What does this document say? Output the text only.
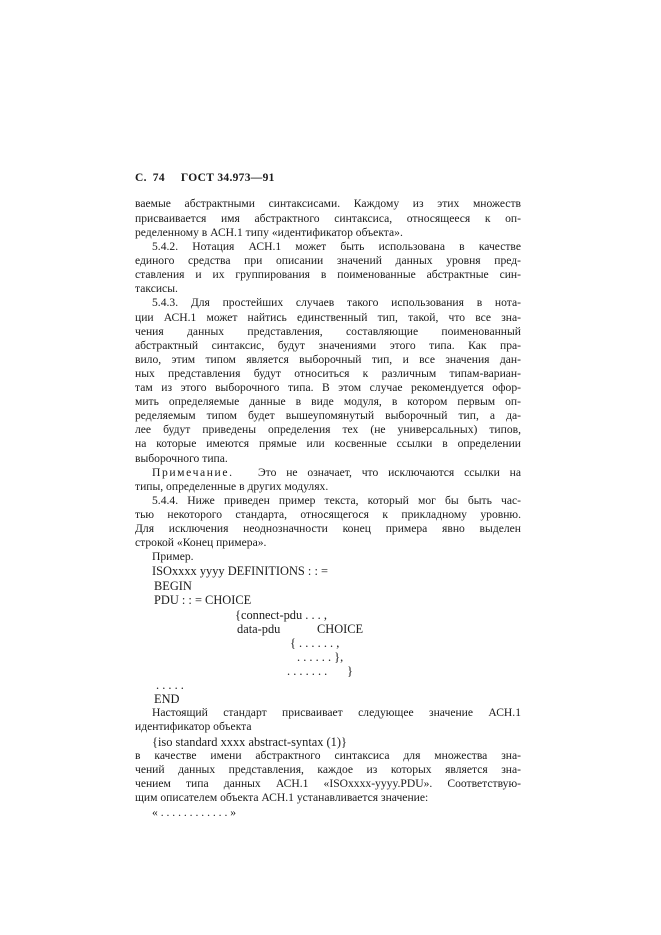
С. 74 ГОСТ 34.973—91
ваемые абстрактными синтаксисами. Каждому из этих множеств
присваивается имя абстрактного синтаксиса, относящееся к оп-
ределенному в АСН.1 типу «идентификатор объекта».
5.4.2. Нотация АСН.1 может быть использована в качестве
единого средства при описании значений данных уровня пред-
ставления и их группирования в поименованные абстрактные син-
таксисы.
5.4.3. Для простейших случаев такого использования в нота-
ции АСН.1 может найтись единственный тип, такой, что все зна-
чения данных представления, составляющие поименованный
абстрактный синтаксис, будут значениями этого типа. Как пра-
вило, этим типом является выборочный тип, и все значения дан-
ных представления будут относиться к различным типам-вариан-
там из этого выборочного типа. В этом случае рекомендуется офор-
мить определяемые данные в виде модуля, в котором первым оп-
ределяемым типом будет вышеупомянутый выборочный тип, а да-
лее будут приведены определения тех (не универсальных) типов,
на которые имеются прямые или косвенные ссылки в определении
выборочного типа.
Примечание. Это не означает, что исключаются ссылки на
типы, определенные в других модулях.
5.4.4. Ниже приведен пример текста, который мог бы быть час-
тью некоторого стандарта, относящегося к прикладному уровню.
Для исключения неоднозначности конец примера явно выделен
строкой «Конец примера».
Пример.
ISOxxxx yyyy DEFINITIONS : : =
BEGIN
PDU : : = CHOICE
{connect-pdu . . . ,
data-pdu	CHOICE
{ . . . . . . ,
. . . . . . },
. . . . . . . }
. . . . .
END
Настоящий стандарт присваивает следующее значение АСН.1
идентификатор объекта
{iso standard xxxx abstract-syntax (1)}
в качестве имени абстрактного синтаксиса для множества зна-
чений данных представления, каждое из которых является зна-
чением типа данных АСН.1 «ISOxxxx-yyyy.PDU». Соответствую-
щим описателем объекта АСН.1 устанавливается значение:
« . . . . . . . . . . . . »
